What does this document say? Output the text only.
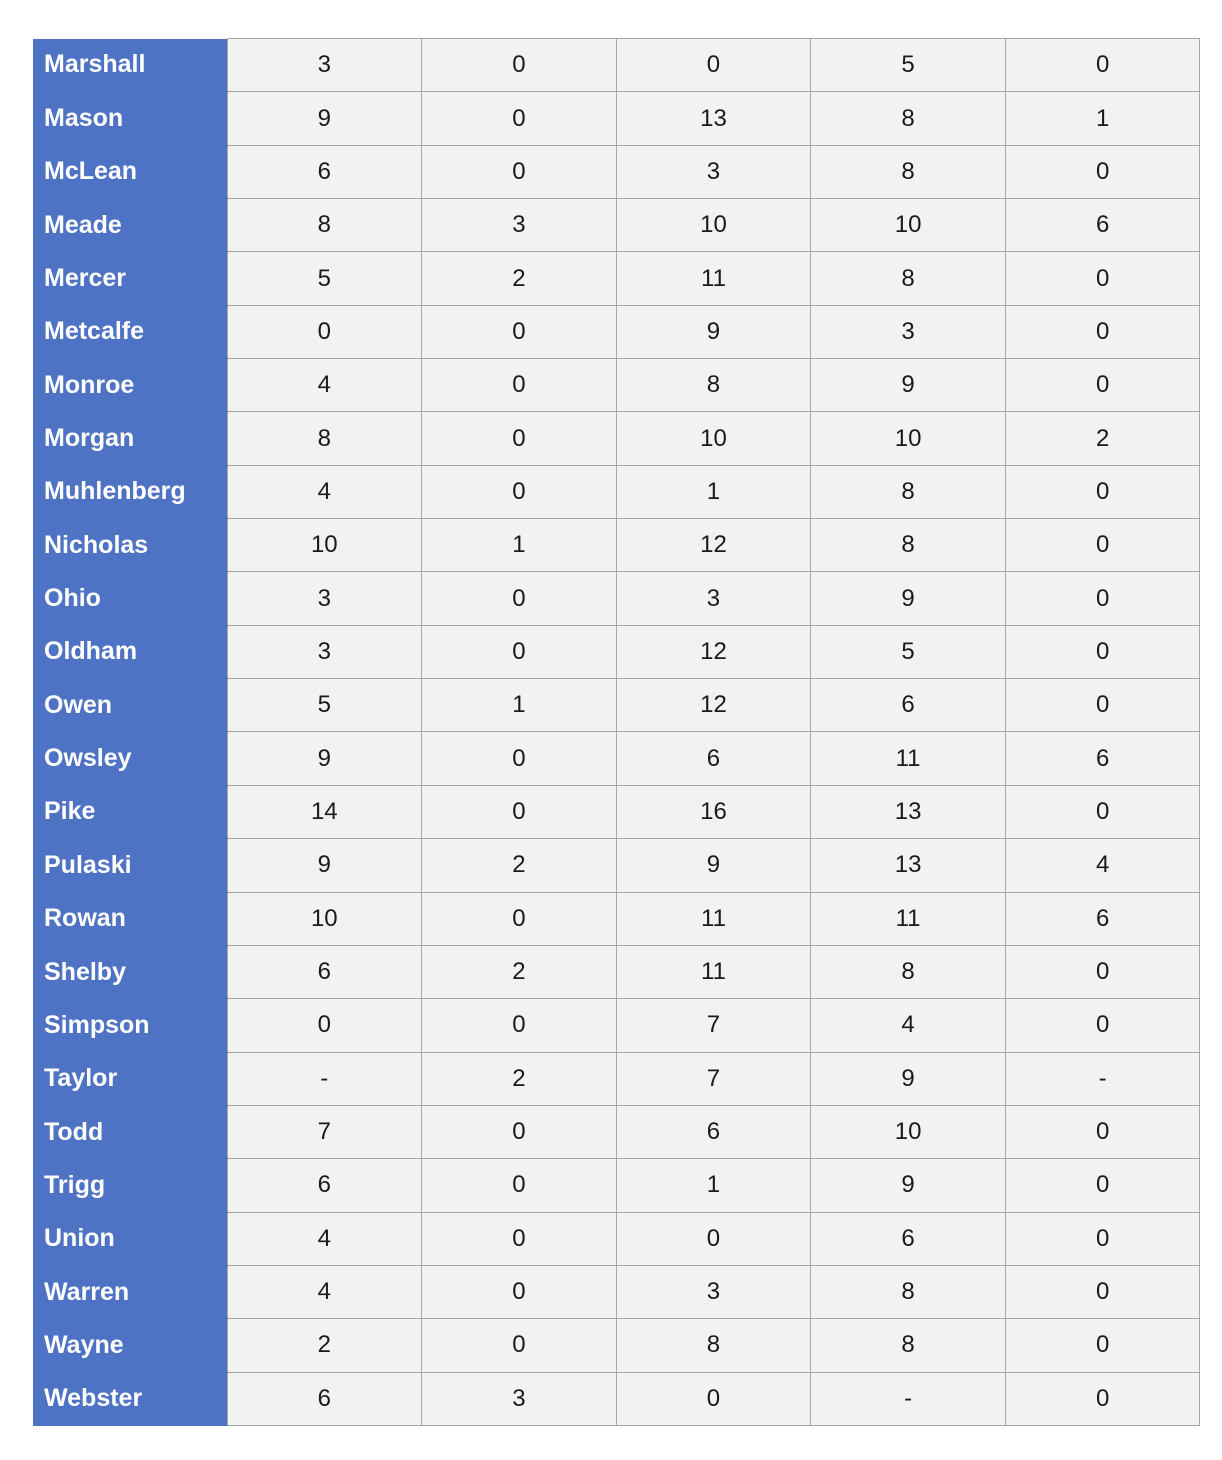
Marshall	3	0	0	5	0
Mason	9	0	13	8	1
McLean	6	0	3	8	0
Meade	8	3	10	10	6
Mercer	5	2	11	8	0
Metcalfe	0	0	9	3	0
Monroe	4	0	8	9	0
Morgan	8	0	10	10	2
Muhlenberg	4	0	1	8	0
Nicholas	10	1	12	8	0
Ohio	3	0	3	9	0
Oldham	3	0	12	5	0
Owen	5	1	12	6	0
Owsley	9	0	6	11	6
Pike	14	0	16	13	0
Pulaski	9	2	9	13	4
Rowan	10	0	11	11	6
Shelby	6	2	11	8	0
Simpson	0	0	7	4	0
Taylor	-	2	7	9	-
Todd	7	0	6	10	0
Trigg	6	0	1	9	0
Union	4	0	0	6	0
Warren	4	0	3	8	0
Wayne	2	0	8	8	0
Webster	6	3	0	-	0
